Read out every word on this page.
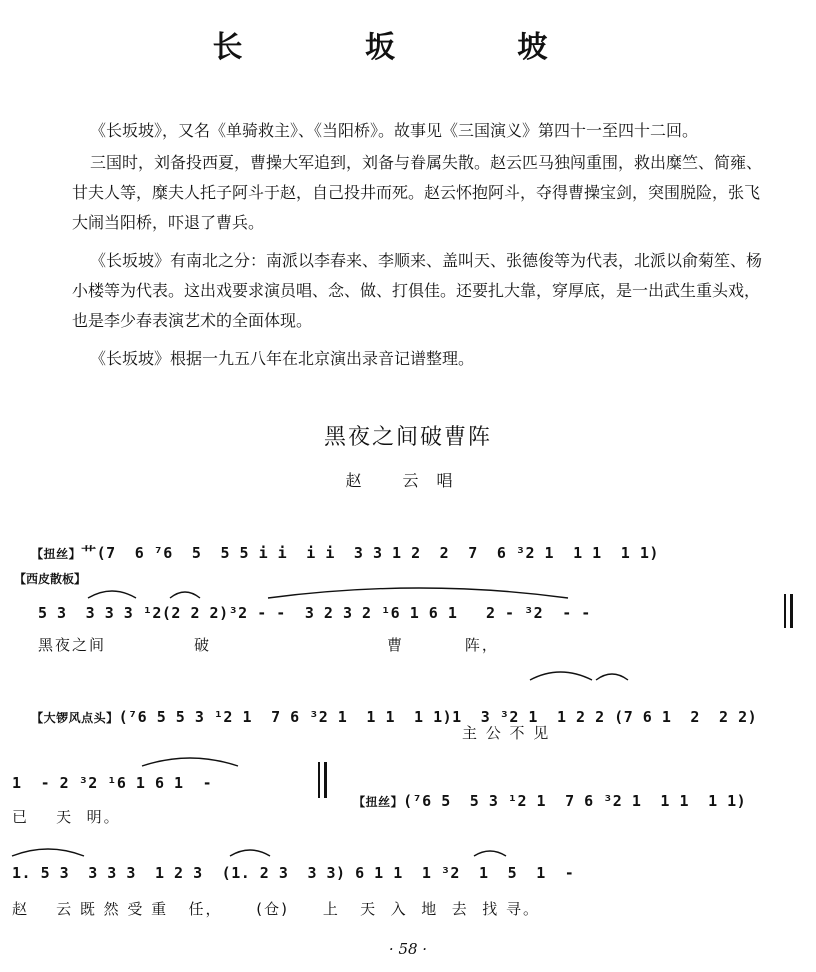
长 坂 坡

《长坂坡》，又名《单骑救主》、《当阳桥》。故事见《三国演义》第四十一至四十二回。

三国时，刘备投西夏，曹操大军追到，刘备与眷属失散。赵云匹马独闯重围，救出糜竺、简雍、甘夫人等，糜夫人托子阿斗于赵，自己投井而死。赵云怀抱阿斗，夺得曹操宝剑，突围脱险，张飞大闹当阳桥，吓退了曹兵。

《长坂坡》有南北之分：南派以李春来、李顺来、盖叫天、张德俊等为代表，北派以俞菊笙、杨小楼等为代表。这出戏要求演员唱、念、做、打俱佳。还要扎大靠，穿厚底，是一出武生重头戏，也是李少春表演艺术的全面体现。

《长坂坡》根据一九五八年在北京演出录音记谱整理。

黑夜之间破曹阵
赵 云唱

【扭丝】艹(7  6 ⁷6  5  5 5 i i  i i  3 3 1 2  2  7  6 ³2 1  1 1  1 1)

【西皮散板】
5 3  3 3 3 ¹2(2 2 2)³2 - -  3 2 3 2 ¹6 1 6 1   2 - ³2  - -
黑夜之间             破                          曹         阵，

【大锣风点头】(⁷6 5 5 3 ¹2 1  7 6 ³2 1  1 1  1 1)1  3 ³2 1  1 2 2 (7 6 1  2  2 2)

主 公 不 见
1  - 2 ³2 ¹6 1 6 1  -

【扭丝】(⁷6 5  5 3 ¹2 1  7 6 ³2 1  1 1  1 1)

已    天  明。
1. 5 3  3 3 3  1 2 3  (1. 2 3  3 3) 6 1 1  1 ³2  1  5  1  -
赵    云 既 然 受 重   任，     (仓)     上   天  入  地  去  找 寻。
· 58 ·
